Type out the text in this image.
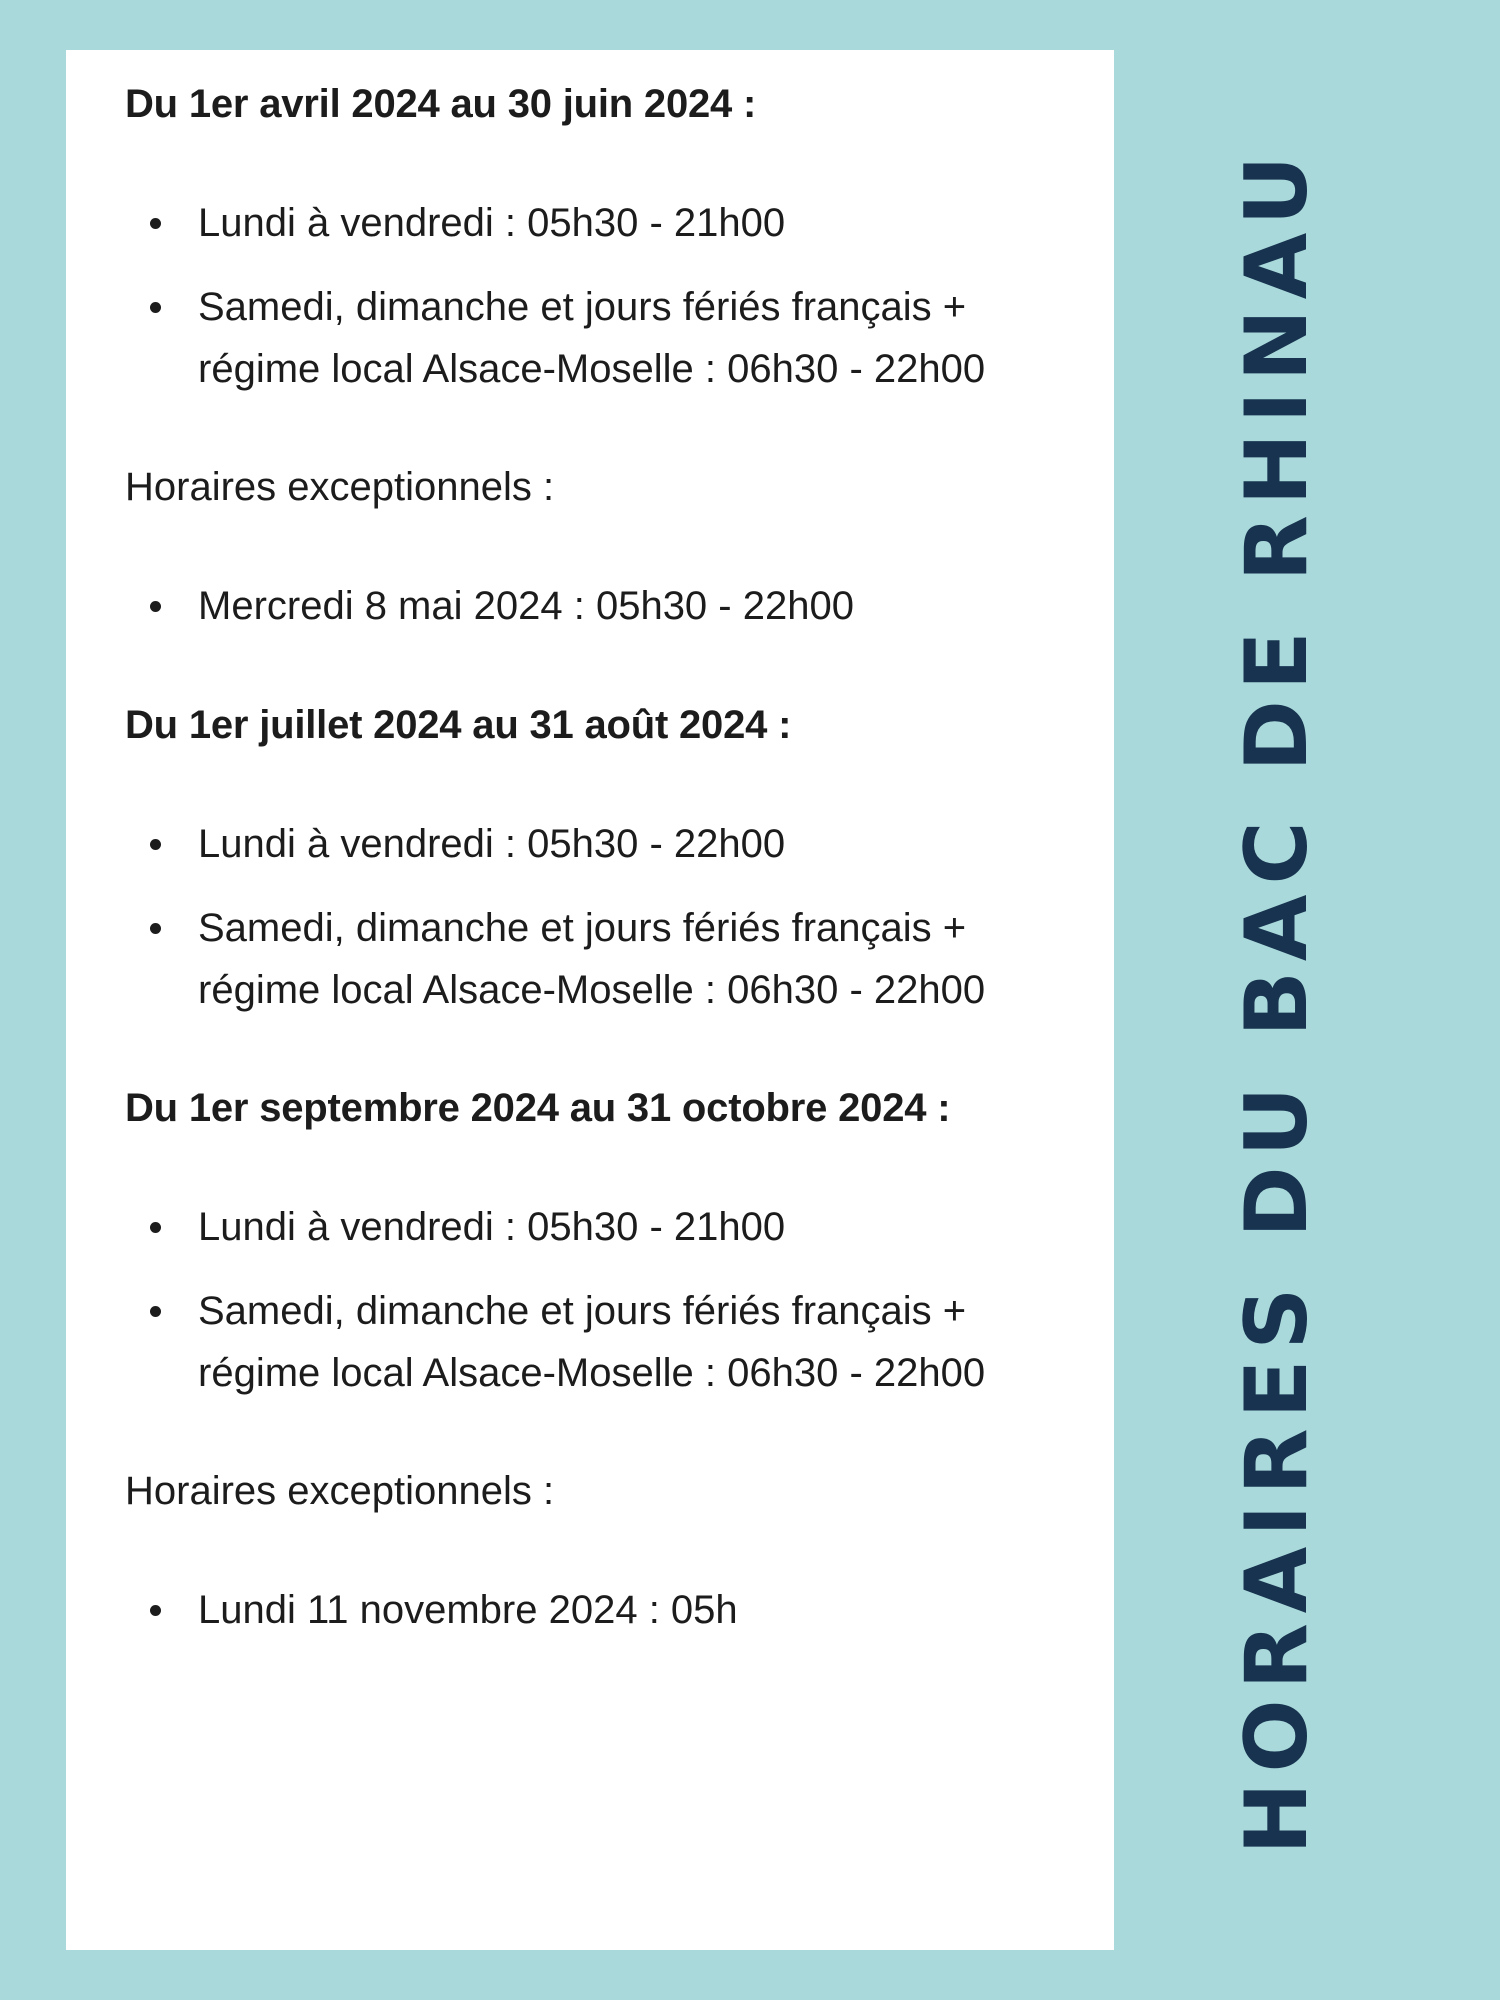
Du 1er avril 2024 au 30 juin 2024 :

Lundi à vendredi : 05h30 - 21h00
Samedi, dimanche et jours fériés français + régime local Alsace-Moselle : 06h30 - 22h00

Horaires exceptionnels :

Mercredi 8 mai 2024 : 05h30 - 22h00

Du 1er juillet 2024 au 31 août 2024 :

Lundi à vendredi : 05h30 - 22h00
Samedi, dimanche et jours fériés français + régime local Alsace-Moselle : 06h30 - 22h00

Du 1er septembre 2024 au 31 octobre 2024 :

Lundi à vendredi : 05h30 - 21h00
Samedi, dimanche et jours fériés français + régime local Alsace-Moselle : 06h30 - 22h00

Horaires exceptionnels :

Lundi 11 novembre 2024 : 05h	HORAIRES DU BAC DE RHINAU
